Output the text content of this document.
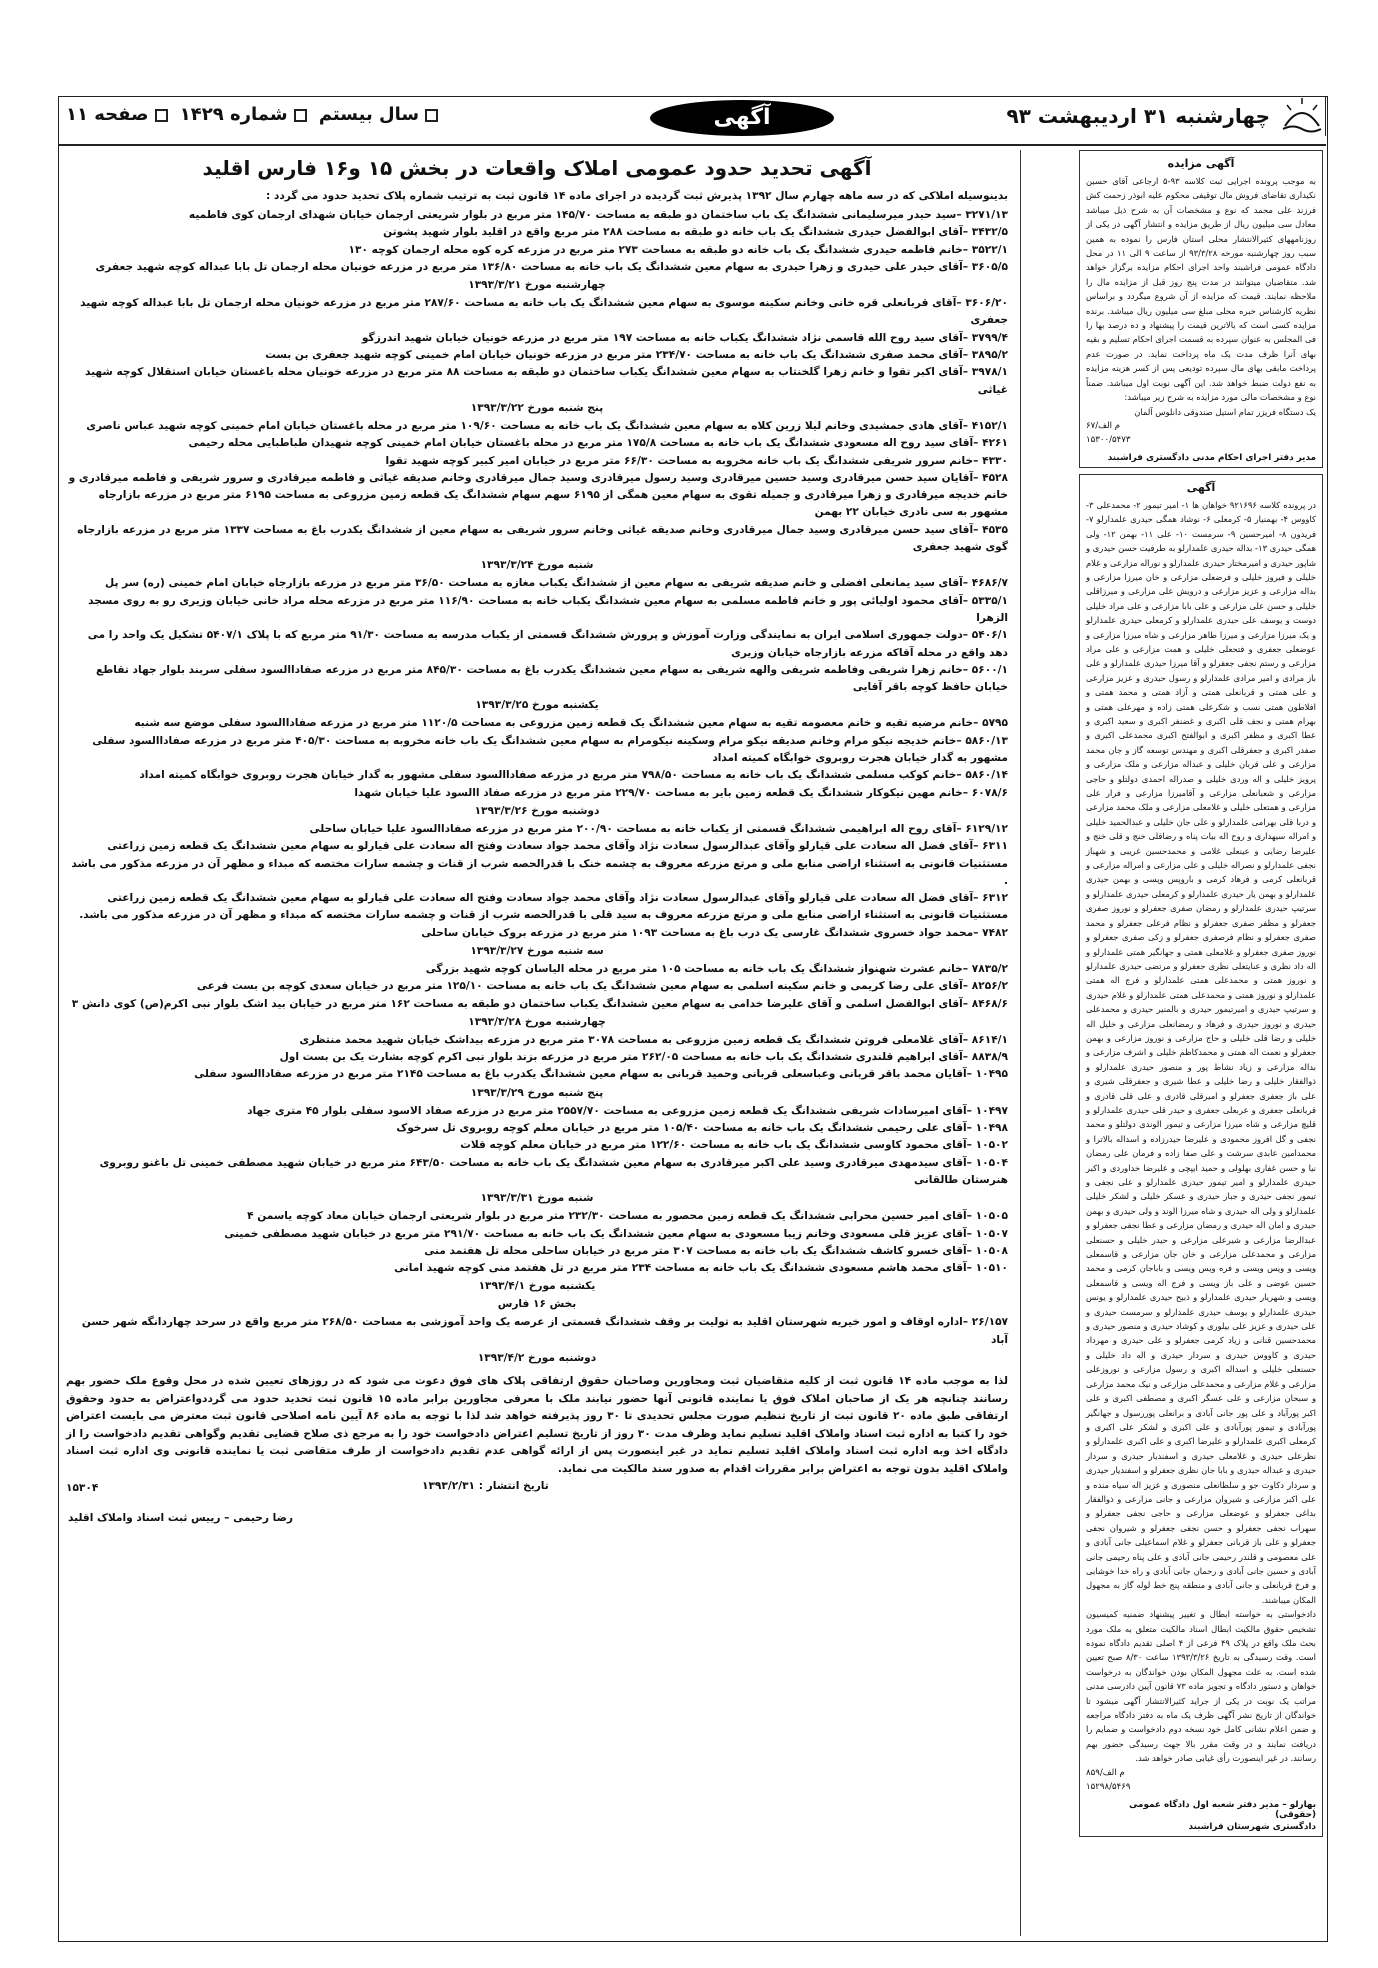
چهارشنبه ۳۱ اردیبهشت ۹۳
آگهی
سال بیستم شماره ۱۴۲۹ صفحه ۱۱
آگهی مزایده

به موجب پرونده اجرایی ثبت کلاسه ۹۳-۵ ارجاعی آقای حسین نکیداری تقاضای فروش مال توقیفی محکوم علیه ابوذر زحمت کش فرزند علی محمد که نوع و مشخصات آن به شرح ذیل میباشد معادل سی میلیون ریال از طریق مزایده و انتشار آگهی در یکی از روزنامههای کثیرالانتشار محلی استان فارس را نموده به همین سبب روز چهارشنبه مورخه ۹۳/۳/۲۸ از ساعت ۹ الی ۱۱ در محل دادگاه عمومی فراشبند واحد اجرای احکام مزایده برگزار خواهد شد. متقاضیان میتوانند در مدت پنج روز قبل از مزایده مال را ملاحظه نمایند. قیمت که مزایده از آن شروع میگردد و براساس نظریه کارشناس خبره محلی مبلغ سی میلیون ریال میباشد. برنده مزایده کسی است که بالاترین قیمت را پیشنهاد و ده درصد بها را فی المجلس به عنوان سپرده به قسمت اجرای احکام تسلیم و بقیه بهای آنرا ظرف مدت یک ماه پرداخت نماید. در صورت عدم پرداخت مابقی بهای مال سپرده تودیعی پس از کسر هزینه مزایده به نفع دولت ضبط خواهد شد. این آگهی نوبت اول میباشد. ضمناً نوع و مشخصات مالی مورد مزایده به شرح زیر میباشد:

یک دستگاه فریزر تمام استیل صندوقی دانلوس آلمان

۶۷/م الف
۱۵۳۰۰/۵۴۷۳
مدیر دفتر اجرای احکام مدنی دادگستری فراشبند
آگهی

در پرونده کلاسه ۹۲۱۶۹۶ خواهان ها ۱- امیر تیمور ۲- محمدعلی ۳- کاووس ۴- بهمنیار ۵- کرمعلی ۶- نوشاد همگی حیدری علمدارلو ۷- فریدون ۸- امیرحسین ۹- سرمست ۱۰- علی ۱۱- بهمن ۱۲- ولی همگی حیدری ۱۳- بداله حیدری علمدارلو به طرفیت حسن حیدری و شاپور حیدری و امیرمختار حیدری علمدارلو و نوراله مزارعی و غلام خلیلی و فیروز خلیلی و فرضعلی مزارعی و خان میرزا مزارعی و بداله مزارعی و عزیز مزارعی و درویش علی مزارعی و میرزاقلی خلیلی و حسن علی مزارعی و علی بابا مزارعی و علی مراد خلیلی دوست و یوسف علی حیدری علمدارلو و کرمعلی حیدری علمدارلو و یک میرزا مزارعی و میرزا طاهر مزارعی و شاه میرزا مزارعی و عوضعلی جعفری و فتحعلی خلیلی و همت مزارعی و علی مراد مزارعی و رستم نجفی جعفرلو و آقا میرزا حیدری علمدارلو و علی باز مرادی و امیر مرادی علمدارلو و رسول حیدری و عزیز مزارعی و علی همتی و قربانعلی همتی و آزاد همتی و محمد همتی و افلاطون همتی نسب و شکرعلی همتی زاده و مهرعلی همتی و بهرام همتی و نجف قلی اکبری و غضنفر اکبری و سعید اکبری و عطا اکبری و مظفر اکبری و ابوالفتح اکبری محمدعلی اکبری و صفدر اکبری و جعفرقلی اکبری و مهندس توسعه گاز و جان محمد مزارعی و علی قربان خلیلی و عبداله مزارعی و ملک مزارعی و پرویز خلیلی و اله وردی خلیلی و صدراله احمدی دولتلو و حاجی مزارعی و شعبانعلی مزارعی و آقامیرزا مزارعی و فرار علی مزارعی و همتعلی خلیلی و غلامعلی مزارعی و ملک محمد مزارعی و دربا قلی بهرامی علمدارلو و علی جان خلیلی و عبدالحمید خلیلی و امراله سیهداری و روح اله بیات پناه و رضاقلی خنج و قلی خنج و علیرضا رضایی و عینعلی غلامی و محمدحسین غریبی و شهباز نجفی علمدارلو و نصراله خلیلی و علی مزارعی و امراله مزارعی و قربانعلی کرمی و فرهاد کرمی و باروپس وپسی و بهمن حیدری علمدارلو و بهمن یار حیدری علمدارلو و کرمعلی حیدری علمدارلو و سرتیپ حیدری علمدارلو و رمضان صفری جعفرلو و نوروز صفری جعفرلو و مظفر صفری جعفرلو و نظام فرعلی جعفرلو و محمد صفری جعفرلو و نظام فرصفری جعفرلو و زکی صفری جعفرلو و نوروز صفری جعفرلو و غلامعلی همتی و جهانگیر همتی علمدارلو و اله داد نظری و عنایتعلی نظری جعفرلو و مرتضی حیدری علمدارلو و نوروز همتی و محمدعلی همتی علمدارلو و فرج اله همتی علمدارلو و نوروز همتی و محمدعلی همتی علمدارلو و غلام حیدری و سرتیپ حیدری و امیرتیمور حیدری و بالمنیر حیدری و محمدعلی حیدری و نوروز حیدری و فرهاد و رمضانعلی مزارعی و خلیل اله خلیلی و رضا قلی خلیلی و حاج مزارعی و نوروز مزارعی و بهمن جعفرلو و نعمت اله همتی و محمدکاظم خلیلی و اشرف مزارعی و بداله مزارعی و زیاد نشاط پور و منصور حیدری علمدارلو و ذوالفقار خلیلی و رضا خلیلی و عطا شیری و جعفرقلی شیری و علی باز جعفری جعفرلو و امیرقلی قادری و علی قلی قادری و قربانعلی جعفری و عربعلی جعفری و حیدر قلی حیدری علمدارلو و قلیچ مزارعی و شاه میرزا مزارعی و تیمور الوندی دولتلو و محمد نجفی و گل افروز محمودی و علیرضا حیدرزاده و اسداله بالاترا و محمدامین عابدی سرشت و علی صفا زاده و فرمان علی رمضان نیا و حسن غفاری بهلولی و حمید ایپچی و علیرضا خداوردی و اکبر حیدری علمدارلو و امیر تیمور حیدری علمدارلو و علی نجفی و تیمور نجفی حیدری و جبار حیدری و عسکر خلیلی و لشکر خلیلی علمدارلو و ولی اله حیدری و شاه میرزا الوند و ولی حیدری و بهمن حیدری و امان اله حیدری و رمضان مزارعی و عطا نجفی جعفرلو و عبدالرضا مزارعی و شیرعلی مزارعی و حیدر خلیلی و حسنعلی مزارعی و محمدعلی مزارعی و خان جان مزارعی و قاسمعلی ویسی و ویس ویسی و فره ویس ویسی و باباجان کرمی و محمد حسین عوضی و علی باز ویسی و فرج اله ویسی و قاسمعلی ویسی و شهریار حیدری علمدارلو و ذبیح حیدری علمدارلو و یونس حیدری علمدارلو و یوسف حیدری علمدارلو و سرمست حیدری و علی حیدری و عزیز علی بیلوری و کوشاد حیدری و منصور حیدری و محمدحسین قنانی و زیاد کرمی جعفرلو و علی حیدری و مهرداد حیدری و کاووس حیدری و سردار حیدری و اله داد خلیلی و حسنعلی خلیلی و اسداله اکبری و رسول مزارعی و نوروزعلی مزارعی و غلام مزارعی و محمدعلی مزارعی و نیک محمد مزارعی و سبحان مزارعی و علی عسگر اکبری و مصطفی اکبری و علی اکبر پورآباد و علی پور جانی آبادی و برانعلی پوررسول و جهانگیر پورآبادی و تیمور پورآبادی و علی اکبری و لشکر علی اکبری و کرمعلی اکبری علمدارلو و علیرضا اکبری و علی اکبری علمدارلو و نظرعلی حیدری و غلامعلی حیدری و اسفندیار حیدری و سردار حیدری و عبداله حیدری و بابا جان نظری جعفرلو و اسفندیار حیدری و سردار دکاوت جو و سلطانعلی منصوری و عزیز اله سیاه منده و علی اکبر مزارعی و شیروان مزارعی و جانی مزارعی و ذوالفقار بداغی جعفرلو و عوضعلی مزارعی و حاجی نجفی جعفرلو و سهراب نجفی جعفرلو و حسن نجفی جعفرلو و شیروان نجفی جعفرلو و علی باز قربانی جعفرلو و غلام اسماعیلی جانی آبادی و علی معصومی و قلندر رحیمی جانی آبادی و علی پناه رحیمی جانی آبادی و حسین جانی آبادی و رحمان جانی آبادی و راه خدا خوشابی و فرخ قربانعلی و جانی آبادی و منطقه پنج خط لوله گاز به مجهول المکان میباشند.

دادخواستی به خواسته ابطال و تغییر پیشنهاد ضمنیه کمیسیون تشخیص حقوق مالکیت ابطال اسناد مالکیت متعلق به ملک مورد بحث ملک واقع در پلاک ۴۹ فرعی از ۴ اصلی تقدیم دادگاه نموده است. وقت رسیدگی به تاریخ ۱۳۹۳/۳/۲۶ ساعت ۸/۳۰ صبح تعیین شده است. به علت مجهول المکان بودن خواندگان به درخواست خواهان و دستور دادگاه و تجویز ماده ۷۳ قانون آیین دادرسی مدنی مراتب یک نوبت در یکی از جراید کثیرالانتشار آگهی میشود تا خواندگان از تاریخ نشر آگهی ظرف یک ماه به دفتر دادگاه مراجعه و ضمن اعلام نشانی کامل خود نسخه دوم دادخواست و ضمایم را دریافت نمایند و در وقت مقرر بالا جهت رسیدگی حضور بهم رسانند. در غیر اینصورت رأی غیابی صادر خواهد شد.

۸۵۹/م الف
۱۵۲۹۸/۵۴۶۹
بهارلو – مدیر دفتر شعبه اول دادگاه عمومی (حقوقی)
دادگستری شهرستان فراشبند
آگهی تحدید حدود عمومی املاک واقعات در بخش ۱۵ و۱۶ فارس اقلید
بدینوسیله املاکی که در سه ماهه چهارم سال ۱۳۹۲ پذیرش ثبت گردیده در اجرای ماده ۱۴ قانون ثبت به ترتیب شماره پلاک تحدید حدود می گردد :
۳۲۷۱/۱۳ –سید حیدر میرسلیمانی ششدانگ یک باب ساختمان دو طبقه به مساحت ۱۴۵/۷۰ متر مربع در بلوار شریعتی ارجمان خیابان شهدای ارجمان کوی فاطمیه
۳۴۳۲/۵ –آقای ابوالفضل حیدری ششدانگ یک باب خانه دو طبقه به مساحت ۲۸۸ متر مربع واقع در اقلید بلوار شهید پشوتن
۳۵۲۲/۱ –خانم فاطمه حیدری ششدانگ یک باب خانه دو طبقه به مساحت ۲۷۳ متر مربع در مزرعه کره کوه محله ارجمان کوچه ۱۳۰
۳۶۰۵/۵ –آقای حیدر علی حیدری و زهرا حیدری به سهام معین ششدانگ یک باب خانه به مساحت ۱۳۶/۸۰ متر مربع در مزرعه خونیان محله ارجمان تل بابا عبداله کوچه شهید جعفری
چهارشنبه مورخ ۱۳۹۳/۳/۲۱
۳۶۰۶/۲۰ –آقای قربانعلی قره خانی وخانم سکینه موسوی به سهام معین ششدانگ یک باب خانه به مساحت ۲۸۷/۶۰ متر مربع در مزرعه خونیان محله ارجمان تل بابا عبداله کوچه شهید جعفری
۳۷۹۹/۴ –آقای سید روح الله قاسمی نژاد ششدانگ یکباب خانه به مساحت ۱۹۷ متر مربع در مزرعه خونیان خیابان شهید اندرزگو
۳۸۹۵/۲ –آقای محمد صفری ششدانگ یک باب خانه به مساحت ۲۳۴/۷۰ متر مربع در مزرعه خونیان خیابان امام خمینی کوچه شهید جعفری بن بست
۳۹۷۸/۱ –آقای اکبر تقوا و خانم زهرا گلخنتاب به سهام معین ششدانگ یکباب ساختمان دو طبقه به مساحت ۸۸ متر مربع در مزرعه خونیان محله باغستان خیابان استقلال کوچه شهید غیاثی
پنج شنبه مورخ ۱۳۹۳/۳/۲۲
۴۱۵۲/۱ –آقای هادی جمشیدی وخانم لیلا زرین کلاه به سهام معین ششدانگ یک باب خانه به مساحت ۱۰۹/۶۰ متر مربع در محله باغستان خیابان امام خمینی کوچه شهید عباس ناصری
۴۲۶۱ –آقای سید روح اله مسعودی ششدانگ یک باب خانه به مساحت ۱۷۵/۸ متر مربع در محله باغستان خیابان امام خمینی کوچه شهیدان طباطبایی محله رحیمی
۴۳۳۰ –خانم سرور شریفی ششدانگ یک باب خانه مخروبه به مساحت ۶۶/۳۰ متر مربع در خیابان امیر کبیر کوچه شهید تقوا
۴۵۲۸ –آقایان سید حسن میرقادری وسید حسین میرقادری وسید رسول میرقادری وسید جمال میرقادری وخانم صدیقه غیاثی و فاطمه میرقادری و سرور شریفی و فاطمه میرقادری و خانم خدیجه میرقادری و زهرا میرقادری و جمیله تقوی به سهام معین همگی از ۶۱۹۵ سهم سهام ششدانگ یک قطعه زمین مزروعی به مساحت ۶۱۹۵ متر مربع در مزرعه بازارجاه مشهور به سی نادری خیابان ۲۲ بهمن
۴۵۳۵ –آقای سید حسن میرقادری وسید جمال میرقادری وخانم صدیقه غیاثی وخانم سرور شریفی به سهام معین از ششدانگ یکدرب باغ به مساحت ۱۳۳۷ متر مربع در مزرعه بازارجاه گوی شهید جعفری
شنبه مورخ ۱۳۹۳/۳/۲۴
۴۶۸۶/۷ –آقای سید یمانعلی افضلی و خانم صدیقه شریفی به سهام معین از ششدانگ یکباب مغازه به مساحت ۳۶/۵۰ متر مربع در مزرعه بازارجاه خیابان امام خمینی (ره) سر پل
۵۳۳۵/۱ –آقای محمود اولیائی پور و خانم فاطمه مسلمی به سهام معین ششدانگ یکباب خانه به مساحت ۱۱۶/۹۰ متر مربع در مزرعه محله مراد خانی خیابان وزیری رو به روی مسجد الزهرا
۵۴۰۶/۱ –دولت جمهوری اسلامی ایران به نمایندگی وزارت آموزش و پرورش ششدانگ قسمتی از یکباب مدرسه به مساحت ۹۱/۳۰ متر مربع که با پلاک ۵۴۰۷/۱ تشکیل یک واحد را می دهد واقع در محله آقاکه مزرعه بازارجاه خیابان وزیری
۵۶۰۰/۱ –خانم زهرا شریفی وفاطمه شریفی والهه شریفی به سهام معین ششدانگ یکدرب باغ به مساحت ۸۴۵/۳۰ متر مربع در مزرعه صفاداالسود سفلی سربند بلوار جهاد تقاطع خیابان حافظ کوچه باقر آقایی
یکشنبه مورخ ۱۳۹۳/۳/۲۵
۵۷۹۵ –خانم مرضیه تقیه و خانم معصومه تقیه به سهام معین ششدانگ یک قطعه زمین مزروعی به مساحت ۱۱۲۰/۵ متر مربع در مزرعه صفاداالسود سفلی موضع سه شنبه
۵۸۶۰/۱۳ –خانم خدیجه نیکو مرام وخانم صدیقه نیکو مرام وسکینه نیکومرام به سهام معین ششدانگ یک باب خانه مخروبه به مساحت ۴۰۵/۳۰ متر مربع در مزرعه صفاداالسود سفلی مشهور به گدار خیابان هجرت روبروی خوابگاه کمیته امداد
۵۸۶۰/۱۴ –خانم کوکب مسلمی ششدانگ یک باب خانه به مساحت ۷۹۸/۵۰ متر مربع در مزرعه صفاداالسود سفلی مشهور به گدار خیابان هجرت روبروی خوابگاه کمیته امداد
۶۰۷۸/۶ –خانم مهین نیکوکار ششدانگ یک قطعه زمین بایر به مساحت ۲۲۹/۷۰ متر مربع در مزرعه صفاد االسود علیا خیابان شهدا
دوشنبه مورخ ۱۳۹۳/۳/۲۶
۶۱۲۹/۱۲ –آقای روح اله ابراهیمی ششدانگ قسمتی از یکباب خانه به مساحت ۲۰۰/۹۰ متر مربع در مزرعه صفاداالسود علیا خیابان ساحلی
۶۳۱۱ –آقای فضل اله سعادت علی قیارلو وآقای عبدالرسول سعادت نژاد وآقای محمد جواد سعادت وفتح اله سعادت علی قیارلو به سهام معین ششدانگ یک قطعه زمین زراعتی مستثنیات قانونی به استثناء اراضی منابع ملی و مرتع مزرعه معروف به چشمه خنک با قدرالحصه شرب از قنات و چشمه سارات مختصه که مبداء و مظهر آن در مزرعه مذکور می باشد .
۶۳۱۲ –آقای فضل اله سعادت علی قیارلو وآقای عبدالرسول سعادت نژاد وآقای محمد جواد سعادت وفتح اله سعادت علی قیارلو به سهام معین ششدانگ یک قطعه زمین زراعتی مستثنیات قانونی به استثناء اراضی منابع ملی و مرتع مزرعه معروف به سید قلی با قدرالحصه شرب از قنات و چشمه سارات مختصه که مبداء و مظهر آن در مزرعه مذکور می باشد.
۷۴۸۲ –محمد جواد خسروی ششدانگ غارسی یک درب باغ به مساحت ۱۰۹۳ متر مربع در مزرعه بروک خیابان ساحلی
سه شنبه مورخ ۱۳۹۳/۳/۲۷
۷۸۳۵/۲ –خانم عشرت شهنواز ششدانگ یک باب خانه به مساحت ۱۰۵ متر مربع در محله الیاسان کوچه شهید بزرگی
۸۲۵۶/۲ –آقای علی رضا کریمی و خانم سکینه اسلمی به سهام معین ششدانگ یک باب خانه به مساحت ۱۲۵/۱۰ متر مربع در خیابان سعدی کوچه بن بست فرعی
۸۴۶۸/۶ –آقای ابوالفضل اسلمی و آقای علیرضا خدامی به سهام معین ششدانگ یکباب ساختمان دو طبقه به مساحت ۱۶۲ متر مربع در خیابان بید اشک بلوار نبی اکرم(ص) کوی دانش ۳
چهارشنبه مورخ ۱۳۹۳/۳/۲۸
۸۶۱۴/۱ –آقای غلامعلی فروتن ششدانگ یک قطعه زمین مزروعی به مساحت ۳۰۷۸ متر مربع در مزرعه بیداشک خیابان شهید محمد منتظری
۸۸۳۸/۹ –آقای ابراهیم قلندری ششدانگ یک باب خانه به مساحت ۲۶۲/۰۵ متر مربع در مزرعه بزند بلوار نبی اکرم کوچه بشارت یک بن بست اول
۱۰۴۹۵ –آقایان محمد باقر قربانی وعباسعلی قربانی وحمید قربانی به سهام معین ششدانگ یکدرب باغ به مساحت ۲۱۴۵ متر مربع در مزرعه صفاداالسود سفلی
پنج شنبه مورخ ۱۳۹۳/۳/۲۹
۱۰۴۹۷ –آقای امیرسادات شریفی ششدانگ یک قطعه زمین مزروعی به مساحت ۲۵۵۷/۷۰ متر مربع در مزرعه صفاد الاسود سفلی بلوار ۴۵ متری جهاد
۱۰۴۹۸ –آقای علی رحیمی ششدانگ یک باب خانه به مساحت ۱۰۵/۴۰ متر مربع در خیابان معلم کوچه روبروی تل سرخوک
۱۰۵۰۲ –آقای محمود کاوسی ششدانگ یک باب خانه به مساحت ۱۲۲/۶۰ متر مربع در خیابان معلم کوچه قلات
۱۰۵۰۴ –آقای سیدمهدی میرقادری وسید علی اکبر میرقادری به سهام معین ششدانگ یک باب خانه به مساحت ۶۴۳/۵۰ متر مربع در خیابان شهید مصطفی خمینی تل باغنو روبروی هنرستان طالقانی
شنبه مورخ ۱۳۹۳/۳/۳۱
۱۰۵۰۵ –آقای امیر حسین محرابی ششدانگ یک قطعه زمین محصور به مساحت ۲۳۲/۳۰ متر مربع در بلوار شریعتی ارجمان خیابان معاد کوچه یاسمن ۴
۱۰۵۰۷ –آقای عزیز قلی مسعودی وخانم زیبا مسعودی به سهام معین ششدانگ یک باب خانه به مساحت ۲۹۱/۷۰ متر مربع در خیابان شهید مصطفی خمینی
۱۰۵۰۸ –آقای خسرو کاشف ششدانگ یک باب خانه به مساحت ۳۰۷ متر مربع در خیابان ساحلی محله تل هفتمد منی
۱۰۵۱۰ –آقای محمد هاشم مسعودی ششدانگ یک باب خانه به مساحت ۲۳۴ متر مربع در تل هفتمد منی کوچه شهید امانی
یکشنبه مورخ ۱۳۹۳/۴/۱
بخش ۱۶ فارس
۲۶/۱۵۷ –اداره اوقاف و امور خیریه شهرستان اقلید به تولیت بر وقف ششدانگ قسمتی از عرصه یک واحد آموزشی به مساحت ۲۶۸/۵۰ متر مربع واقع در سرحد چهاردانگه شهر حسن آباد
دوشنبه مورخ ۱۳۹۳/۴/۲
لذا به موجب ماده ۱۴ قانون ثبت از کلیه متقاضیان ثبت ومجاورین وصاحبان حقوق ارتفاقی پلاک های فوق دعوت می شود که در روزهای تعیین شده در محل وقوع ملک حضور بهم رسانند چنانچه هر یک از صاحبان املاک فوق یا نماینده قانونی آنها حضور نیابند ملک با معرفی مجاورین برابر ماده ۱۵ قانون ثبت تحدید حدود می گرددواعتراض به حدود وحقوق ارتفاقی طبق ماده ۲۰ قانون ثبت از تاریخ تنظیم صورت مجلس تحدیدی تا ۳۰ روز پذیرفته خواهد شد لذا با توجه به ماده ۸۶ آیین نامه اصلاحی قانون ثبت معترض می بایست اعتراض خود را کتبا به اداره ثبت اسناد واملاک اقلید تسلیم نماید وظرف مدت ۳۰ روز از تاریخ تسلیم اعتراض دادخواست خود را به مرجع ذی صلاح قضایی تقدیم وگواهی تقدیم دادخواست را از دادگاه اخذ وبه اداره ثبت اسناد واملاک اقلید تسلیم نماید در غیر اینصورت پس از ارائه گواهی عدم تقدیم دادخواست از طرف متقاضی ثبت یا نماینده قانونی وی اداره ثبت اسناد واملاک اقلید بدون توجه به اعتراض برابر مقررات اقدام به صدور سند مالکیت می نماید.
۱۵۳۰۴	تاریخ انتشار : ۱۳۹۳/۲/۳۱
رضا رحیمی – رییس ثبت اسناد واملاک اقلید
